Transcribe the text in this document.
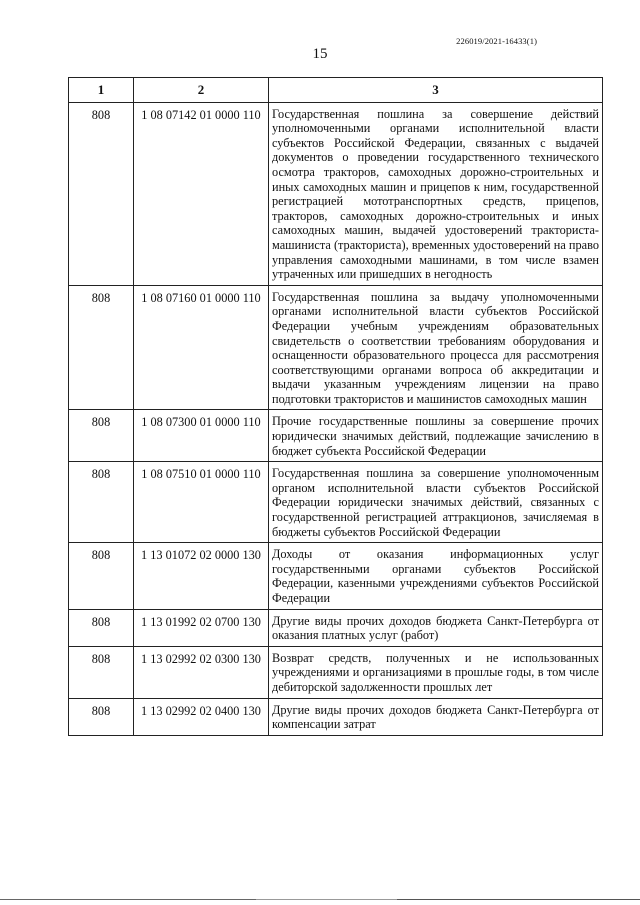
226019/2021-16433(1)
15
1	2	3
808	1 08 07142 01 0000 110	Государственная пошлина за совершение действий уполномоченными органами исполнительной власти субъектов Российской Федерации, связанных с выдачей документов о проведении государственного технического осмотра тракторов, самоходных дорожно-строительных и иных самоходных машин и прицепов к ним, государственной регистрацией мототранспортных средств, прицепов, тракторов, самоходных дорожно-строительных и иных самоходных машин, выдачей удостоверений тракториста-машиниста (тракториста), временных удостоверений на право управления самоходными машинами, в том числе взамен утраченных или пришедших в негодность
808	1 08 07160 01 0000 110	Государственная пошлина за выдачу уполномоченными органами исполнительной власти субъектов Российской Федерации учебным учреждениям образовательных свидетельств о соответствии требованиям оборудования и оснащенности образовательного процесса для рассмотрения соответствующими органами вопроса об аккредитации и выдачи указанным учреждениям лицензии на право подготовки трактористов и машинистов самоходных машин
808	1 08 07300 01 0000 110	Прочие государственные пошлины за совершение прочих юридически значимых действий, подлежащие зачислению в бюджет субъекта Российской Федерации
808	1 08 07510 01 0000 110	Государственная пошлина за совершение уполномоченным органом исполнительной власти субъектов Российской Федерации юридически значимых действий, связанных с государственной регистрацией аттракционов, зачисляемая в бюджеты субъектов Российской Федерации
808	1 13 01072 02 0000 130	Доходы от оказания информационных услуг государственными органами субъектов Российской Федерации, казенными учреждениями субъектов Российской Федерации
808	1 13 01992 02 0700 130	Другие виды прочих доходов бюджета Санкт-Петербурга от оказания платных услуг (работ)
808	1 13 02992 02 0300 130	Возврат средств, полученных и не использованных учреждениями и организациями в прошлые годы, в том числе дебиторской задолженности прошлых лет
808	1 13 02992 02 0400 130	Другие виды прочих доходов бюджета Санкт-Петербурга от компенсации затрат
